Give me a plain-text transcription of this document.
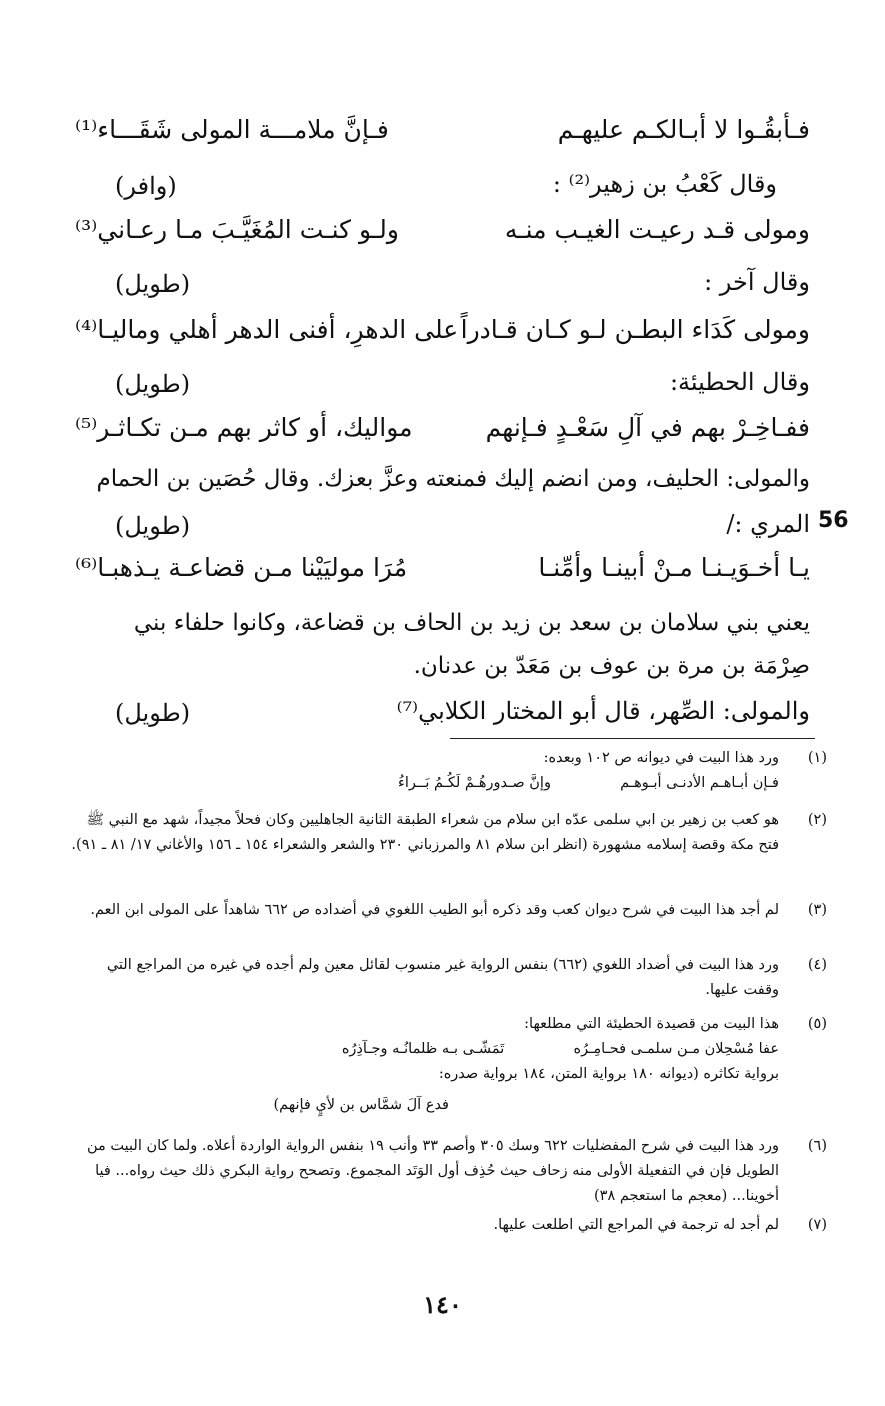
فـأبقُـوا لا أبـالكـم عليهـم
فـإنَّ ملامـــة المولى شَقَـــاء⁽¹⁾
وقال كَعْبُ بن زهير⁽²⁾ :
(وافر)
ومولى قـد رعيـت الغيـب منـه
ولـو كنـت المُغَيَّـبَ مـا رعـاني⁽³⁾
وقال آخر :
(طويل)
ومولى كَدَاء البطـن لـو كـان قـادراً
على الدهرِ، أفنى الدهر أهلي وماليـا⁽⁴⁾
وقال الحطيئة:
(طويل)
ففـاخِـرْ بهم في آلِ سَعْـدٍ فـإنهم
مواليك، أو كاثر بهم مـن تكـاثـر⁽⁵⁾
والمولى: الحليف، ومن انضم إليك فمنعته وعزَّ بعزك. وقال حُصَين بن الحمام
المري :/ 56
(طويل)
يـا أخـوَيـنـا مـنْ أبينـا وأمِّنـا
مُرَا موليَيْنا مـن قضاعـة يـذهبـا⁽⁶⁾
يعني بني سلامان بن سعد بن زيد بن الحاف بن قضاعة، وكانوا حلفاء بني
صِرْمَة بن مرة بن عوف بن مَعَدّ بن عدنان.
والمولى: الصِّهر، قال أبو المختار الكلابي⁽⁷⁾
(طويل)
(١)
ورد هذا البيت في ديوانه ص ١٠٢ وبعده:
فـإن أبـاهـم الأدنـى أبـوهـم  وإنَّ صـدورهُـمْ لَكُـمُ بَــراءُ
(٢)
هو كعب بن زهير بن ابي سلمى عدّه ابن سلام من شعراء الطبقة الثانية الجاهليين وكان فحلاً مجيداً، شهد مع النبي ﷺ فتح مكة وقصة إسلامه مشهورة (انظر ابن سلام ٨١ والمرزباني ٢٣٠ والشعر والشعراء ١٥٤ ـ ١٥٦ والأغاني ١٧/ ٨١ ـ ٩١).
(٣)
لم أجد هذا البيت في شرح ديوان كعب وقد ذكره أبو الطيب اللغوي في أضداده ص ٦٦٢ شاهداً على المولى ابن العم.
(٤)
ورد هذا البيت في أضداد اللغوي (٦٦٢) بنفس الرواية غير منسوب لقائل معين ولم أجده في غيره من المراجع التي وقفت عليها.
(٥)
هذا البيت من قصيدة الحطيئة التي مطلعها:
عفا مُسْحِلان مـن سلمـى فحـامِـرُه  تَمَشّـى بـه ظلمانُـه وجـآذِرُه
برواية تكاثره (ديوانه ١٨٠ برواية المتن، ١٨٤ برواية صدره:
فدع آلَ شمَّاس بن لأيٍ فإنهم)
(٦)
ورد هذا البيت في شرح المفضليات ٦٢٢ وسك ٣٠٥ وأصم ٣٣ وأنب ١٩ بنفس الرواية الواردة أعلاه. ولما كان البيت من الطويل فإن في التفعيلة الأولى منه زحاف حيث حُذِف أول الوَتَد المجموع. وتصحح رواية البكري ذلك حيث رواه... فيا أخوينا... (معجم ما استعجم ٣٨)
(٧)
لم أجد له ترجمة في المراجع التي اطلعت عليها.
١٤٠
